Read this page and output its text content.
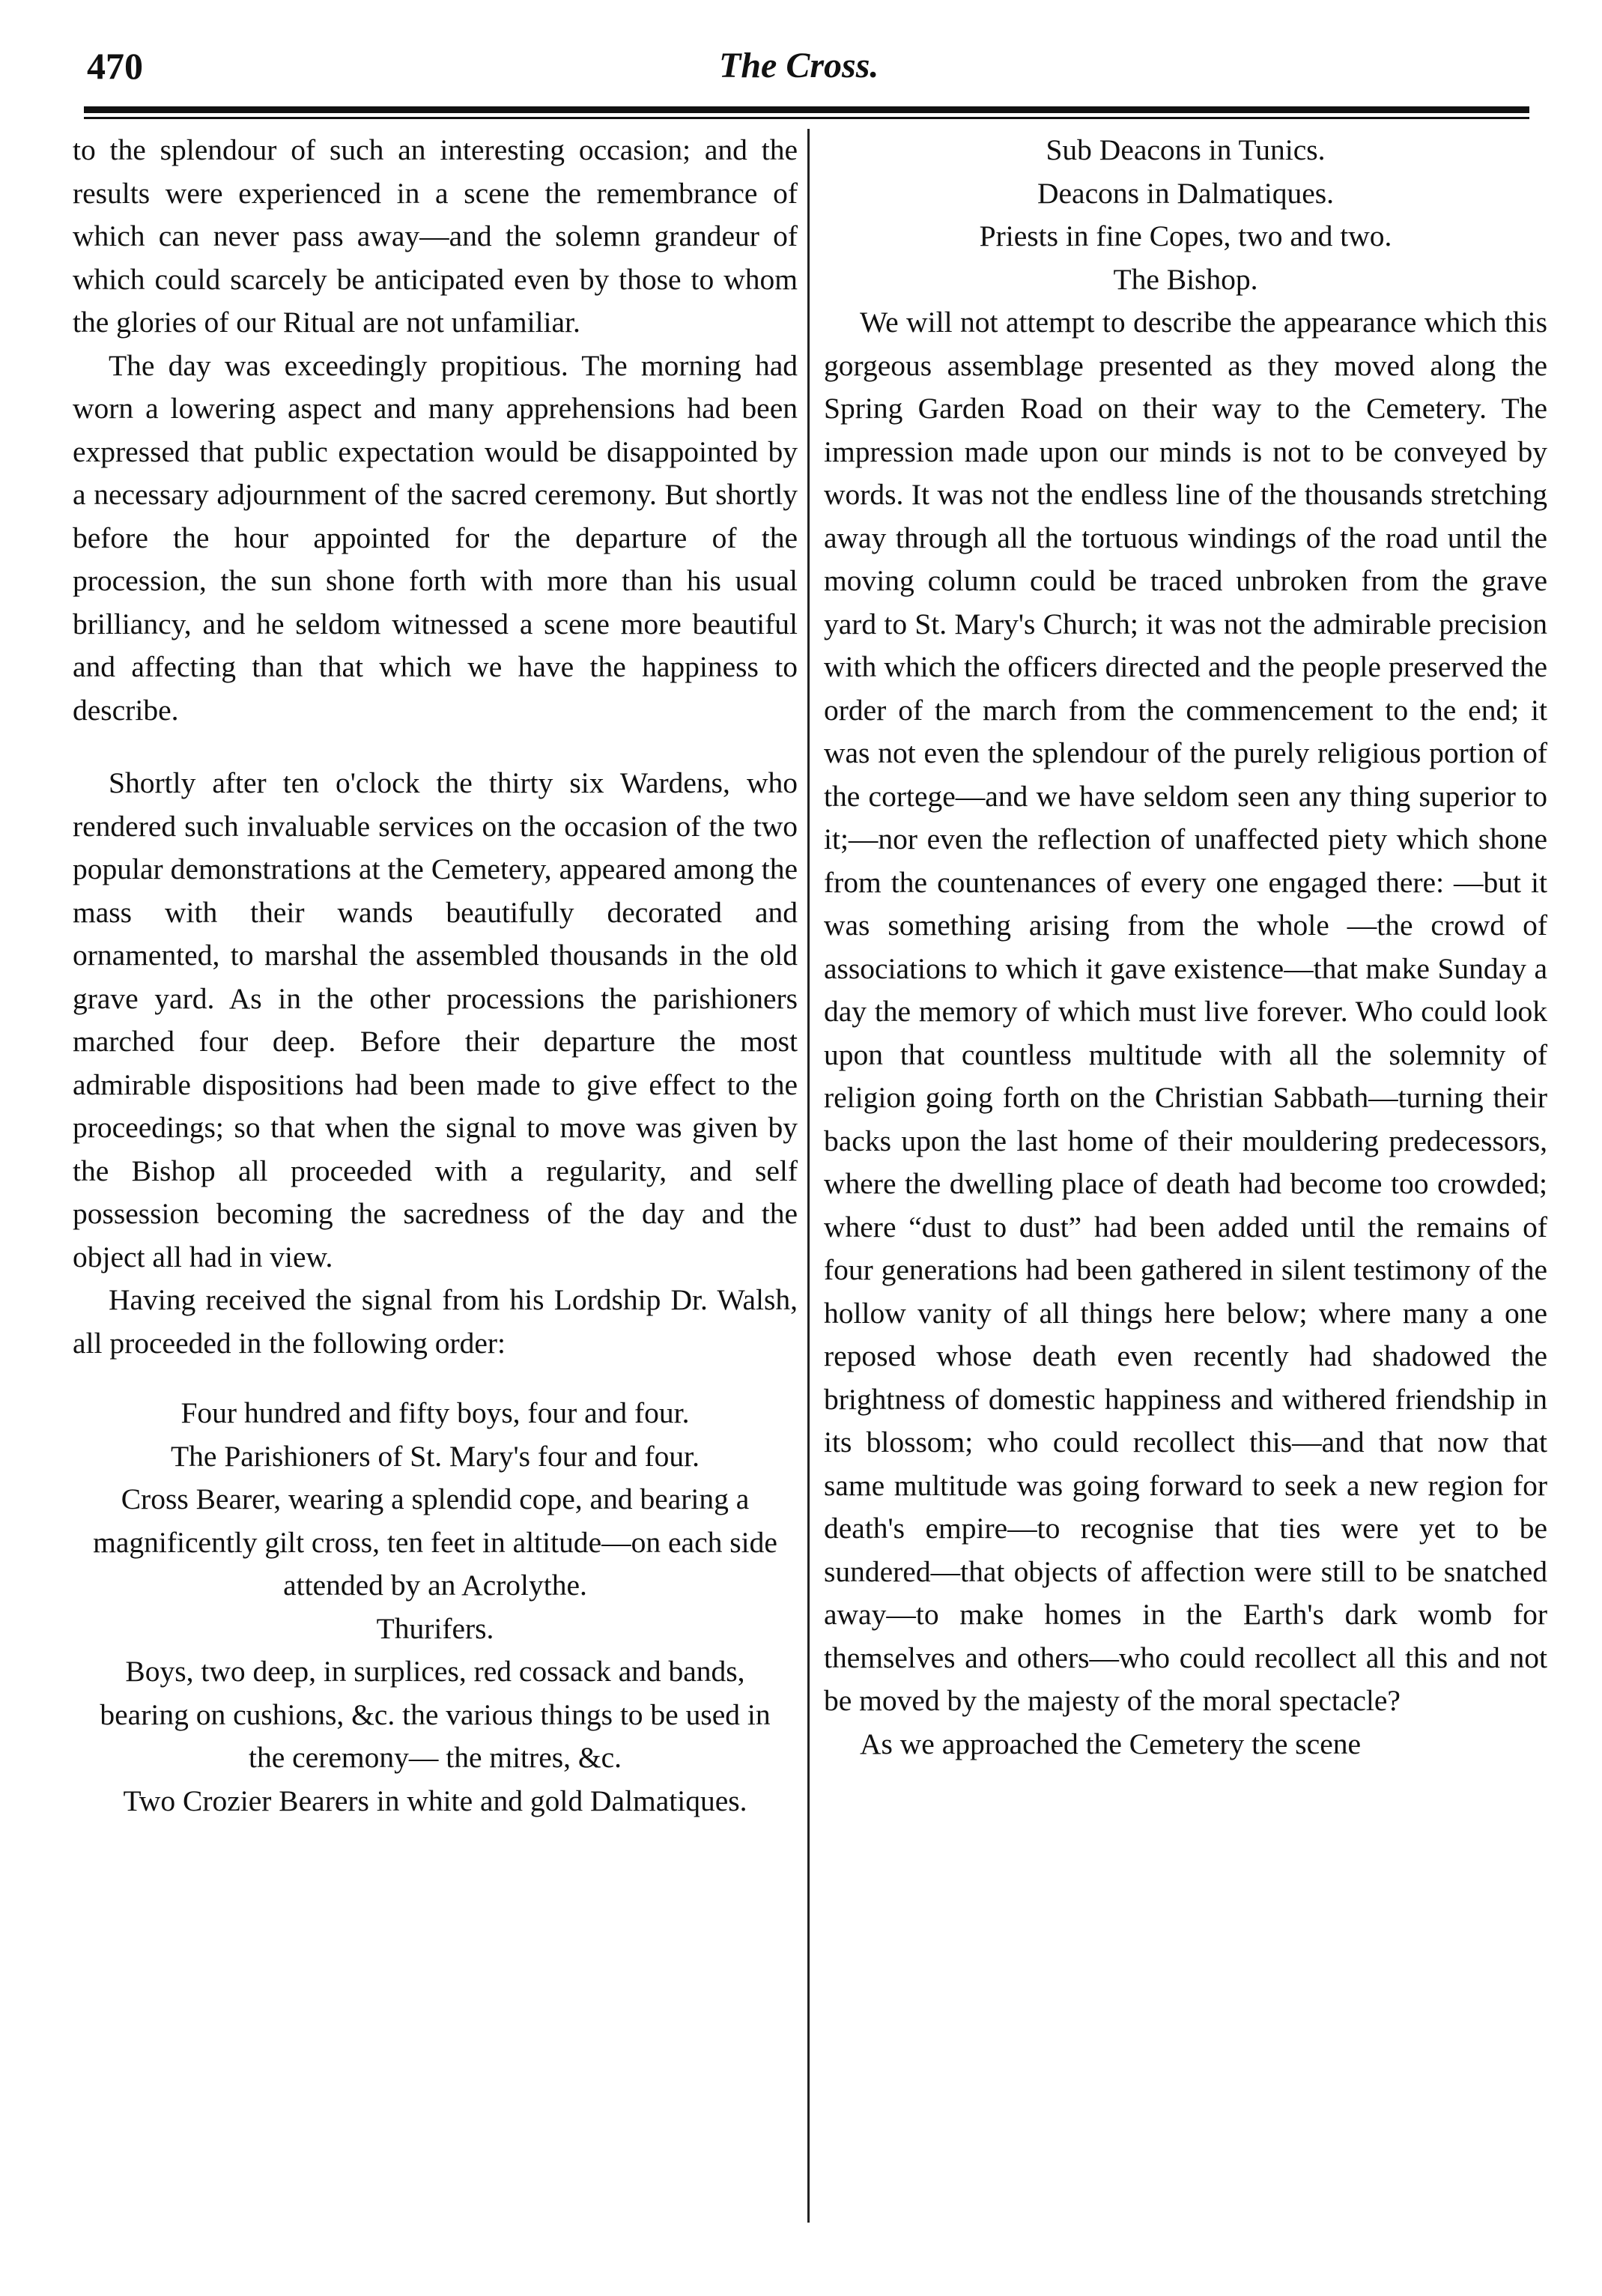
470	The Cross.

to the splendour of such an interesting occasion; and the results were experienced in a scene the remembrance of which can never pass away—and the solemn grandeur of which could scarcely be anticipated even by those to whom the glories of our Ritual are not unfamiliar.

The day was exceedingly propitious. The morning had worn a lowering aspect and many apprehensions had been expressed that public expectation would be disappointed by a necessary adjournment of the sacred ceremony. But shortly before the hour appointed for the departure of the procession, the sun shone forth with more than his usual brilliancy, and he seldom witnessed a scene more beautiful and affecting than that which we have the happiness to describe.

Shortly after ten o'clock the thirty six Wardens, who rendered such invaluable services on the occasion of the two popular demonstrations at the Cemetery, appeared among the mass with their wands beautifully decorated and ornamented, to marshal the assembled thousands in the old grave yard. As in the other processions the parishioners marched four deep. Before their departure the most admirable dispositions had been made to give effect to the proceedings; so that when the signal to move was given by the Bishop all proceeded with a regularity, and self possession becoming the sacredness of the day and the object all had in view.

Having received the signal from his Lordship Dr. Walsh, all proceeded in the following order:

Four hundred and fifty boys, four and four.
The Parishioners of St. Mary's four and four.
Cross Bearer, wearing a splendid cope, and bearing a magnificently gilt cross, ten feet in altitude—on each side attended by an Acrolythe.
Thurifers.
Boys, two deep, in surplices, red cossack and bands, bearing on cushions, &c. the various things to be used in the ceremony— the mitres, &c.
Two Crozier Bearers in white and gold Dalmatiques.
Sub Deacons in Tunics.
Deacons in Dalmatiques.
Priests in fine Copes, two and two.
The Bishop.

We will not attempt to describe the appearance which this gorgeous assemblage presented as they moved along the Spring Garden Road on their way to the Cemetery. The impression made upon our minds is not to be conveyed by words. It was not the endless line of the thousands stretching away through all the tortuous windings of the road until the moving column could be traced unbroken from the grave yard to St. Mary's Church; it was not the admirable precision with which the officers directed and the people preserved the order of the march from the commencement to the end; it was not even the splendour of the purely religious portion of the cortege—and we have seldom seen any thing superior to it;—nor even the reflection of unaffected piety which shone from the countenances of every one engaged there: —but it was something arising from the whole —the crowd of associations to which it gave existence—that make Sunday a day the memory of which must live forever. Who could look upon that countless multitude with all the solemnity of religion going forth on the Christian Sabbath—turning their backs upon the last home of their mouldering predecessors, where the dwelling place of death had become too crowded; where “dust to dust” had been added until the remains of four generations had been gathered in silent testimony of the hollow vanity of all things here below; where many a one reposed whose death even recently had shadowed the brightness of domestic happiness and withered friendship in its blossom; who could recollect this—and that now that same multitude was going forward to seek a new region for death's empire—to recognise that ties were yet to be sundered—that objects of affection were still to be snatched away—to make homes in the Earth's dark womb for themselves and others—who could recollect all this and not be moved by the majesty of the moral spectacle?

As we approached the Cemetery the scene
